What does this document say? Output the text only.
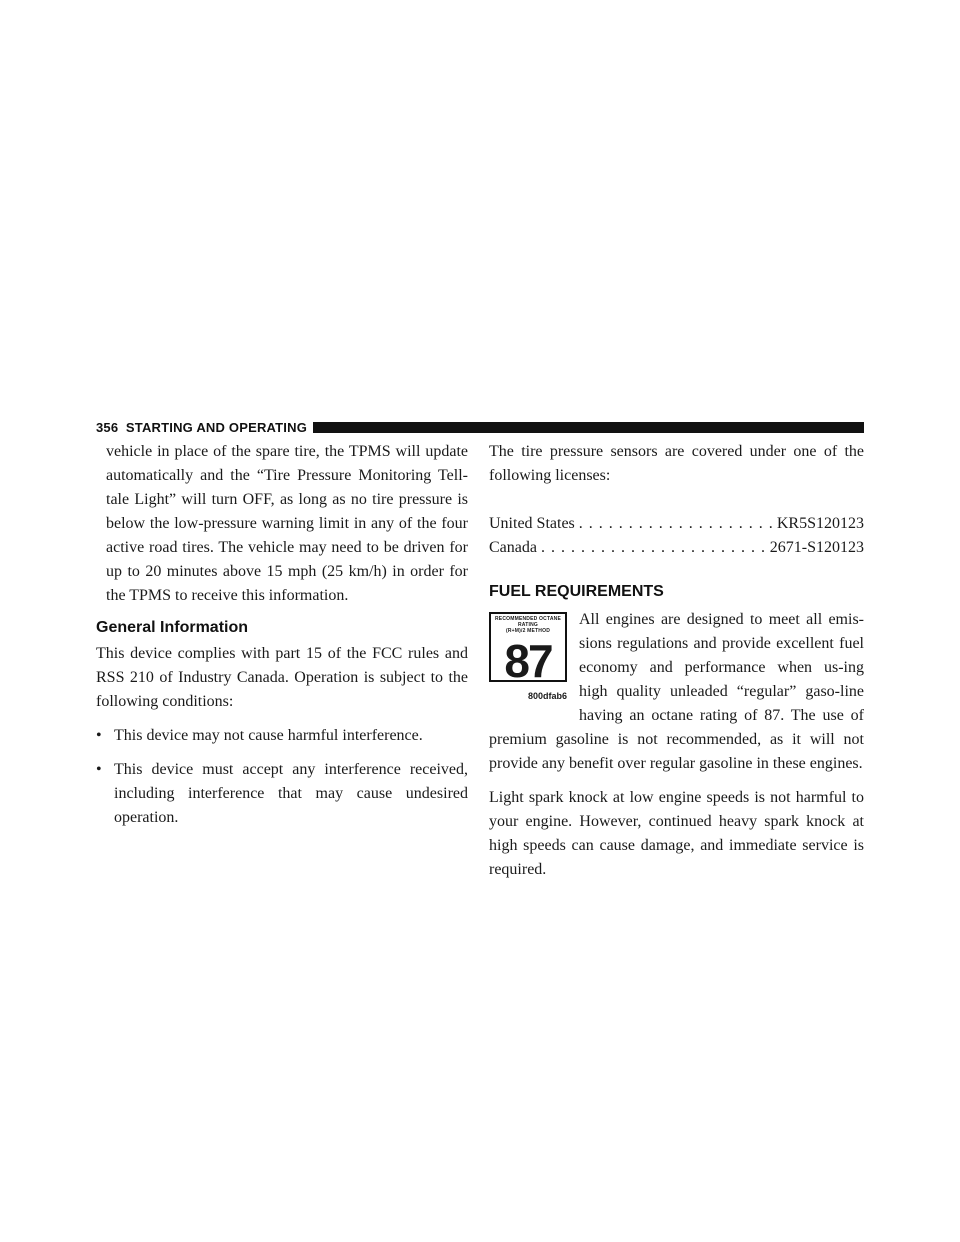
356 STARTING AND OPERATING

vehicle in place of the spare tire, the TPMS will update automatically and the “Tire Pressure Monitoring Tell-tale Light” will turn OFF, as long as no tire pressure is below the low-pressure warning limit in any of the four active road tires. The vehicle may need to be driven for up to 20 minutes above 15 mph (25 km/h) in order for the TPMS to receive this information.

General Information

This device complies with part 15 of the FCC rules and RSS 210 of Industry Canada. Operation is subject to the following conditions:

• This device may not cause harmful interference.
• This device must accept any interference received, including interference that may cause undesired operation.

The tire pressure sensors are covered under one of the following licenses:

United States . . .	KR5S120123
Canada . . .	2671-S120123
FUEL REQUIREMENTS
RECOMMENDED OCTANE RATING
(R+M)/2 METHOD
87
800dfab6

All engines are designed to meet all emis-sions regulations and provide excellent fuel economy and performance when us-ing high quality unleaded “regular” gaso-line having an octane rating of 87. The use of premium gasoline is not recommended, as it will not provide any benefit over regular gasoline in these engines.

Light spark knock at low engine speeds is not harmful to your engine. However, continued heavy spark knock at high speeds can cause damage, and immediate service is required.
